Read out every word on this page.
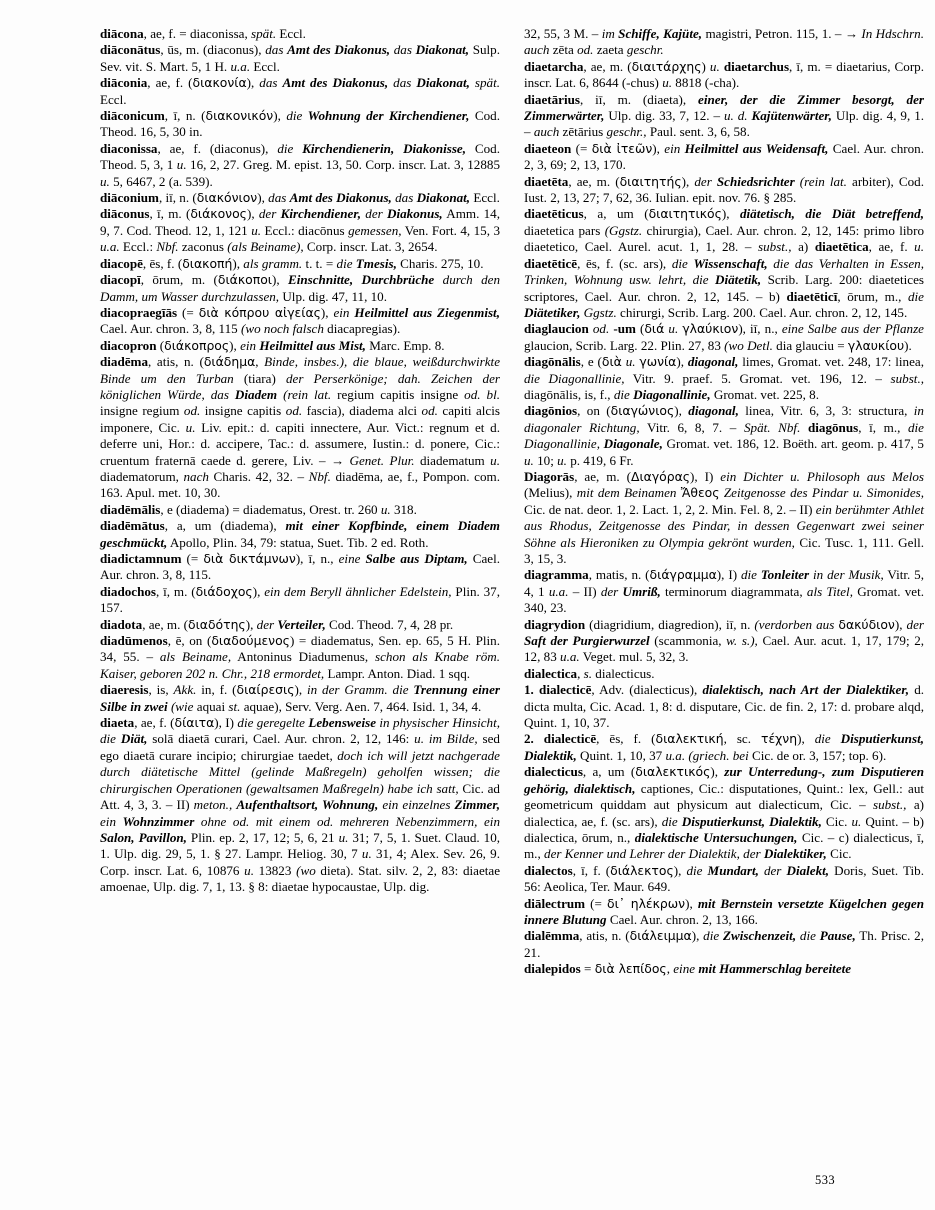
diācona, ae, f. = diaconissa, spät. Eccl.

diāconātus, ūs, m. (diaconus), das Amt des Diakonus, das Diakonat, Sulp. Sev. vit. S. Mart. 5, 1 H. u.a. Eccl.

diāconia, ae, f. (διακονία), das Amt des Diakonus, das Diakonat, spät. Eccl.

diāconicum, ī, n. (διακονικόν), die Wohnung der Kirchendiener, Cod. Theod. 16, 5, 30 in.

diaconissa, ae, f. (diaconus), die Kirchendienerin, Diakonisse, Cod. Theod. 5, 3, 1 u. 16, 2, 27. Greg. M. epist. 13, 50. Corp. inscr. Lat. 3, 12885 u. 5, 6467, 2 (a. 539).

diāconium, iī, n. (διακόνιον), das Amt des Diakonus, das Diakonat, Eccl.

diāconus, ī, m. (διάκονος), der Kirchendiener, der Diakonus, Amm. 14, 9, 7. Cod. Theod. 12, 1, 121 u. Eccl.: diacōnus gemessen, Ven. Fort. 4, 15, 3 u.a. Eccl.: Nbf. zaconus (als Beiname), Corp. inscr. Lat. 3, 2654.

diacopē, ēs, f. (διακοπή), als gramm. t. t. = die Tmesis, Charis. 275, 10.

diacopī, ōrum, m. (διάκοποι), Einschnitte, Durchbrüche durch den Damm, um Wasser durchzulassen, Ulp. dig. 47, 11, 10.

diacopraegīās (= διὰ κόπρου αἰγείας), ein Heilmittel aus Ziegenmist, Cael. Aur. chron. 3, 8, 115 (wo noch falsch diacapregias).

diacopron (διάκοπρος), ein Heilmittel aus Mist, Marc. Emp. 8.

diadēma, atis, n. (διάδημα, Binde, insbes.), die blaue, weißdurchwirkte Binde um den Turban (tiara) der Perserkönige; dah. Zeichen der königlichen Würde, das Diadem (rein lat. regium capitis insigne od. bl. insigne regium od. insigne capitis od. fascia), diadema alci od. capiti alcis imponere, Cic. u. Liv. epit.: d. capiti innectere, Aur. Vict.: regnum et d. deferre uni, Hor.: d. accipere, Tac.: d. assumere, Iustin.: d. ponere, Cic.: cruentum fraternā caede d. gerere, Liv. – → Genet. Plur. diadematum u. diadematorum, nach Charis. 42, 32. – Nbf. diadēma, ae, f., Pompon. com. 163. Apul. met. 10, 30.

diadēmālis, e (diadema) = diadematus, Orest. tr. 260 u. 318.

diadēmātus, a, um (diadema), mit einer Kopfbinde, einem Diadem geschmückt, Apollo, Plin. 34, 79: statua, Suet. Tib. 2 ed. Roth.

diadictamnum (= διὰ δικτάμνων), ī, n., eine Salbe aus Diptam, Cael. Aur. chron. 3, 8, 115.

diadochos, ī, m. (διάδοχος), ein dem Beryll ähnlicher Edelstein, Plin. 37, 157.

diadota, ae, m. (διαδότης), der Verteiler, Cod. Theod. 7, 4, 28 pr.

diadūmenos, ē, on (διαδούμενος) = diadematus, Sen. ep. 65, 5 H. Plin. 34, 55. – als Beiname, Antoninus Diadumenus, schon als Knabe röm. Kaiser, geboren 202 n. Chr., 218 ermordet, Lampr. Anton. Diad. 1 sqq.

diaeresis, is, Akk. in, f. (διαίρεσις), in der Gramm. die Trennung einer Silbe in zwei (wie aquai st. aquae), Serv. Verg. Aen. 7, 464. Isid. 1, 34, 4.

diaeta, ae, f. (δίαιτα), I) die geregelte Lebensweise in physischer Hinsicht, die Diät, solā diaetā curari, Cael. Aur. chron. 2, 12, 146: u. im Bilde, sed ego diaetā curare incipio; chirurgiae taedet, doch ich will jetzt nachgerade durch diätetische Mittel (gelinde Maßregeln) geholfen wissen; die chirurgischen Operationen (gewaltsamen Maßregeln) habe ich satt, Cic. ad Att. 4, 3, 3. – II) meton., Aufenthaltsort, Wohnung, ein einzelnes Zimmer, ein Wohnzimmer ohne od. mit einem od. mehreren Nebenzimmern, ein Salon, Pavillon, Plin. ep. 2, 17, 12; 5, 6, 21 u. 31; 7, 5, 1. Suet. Claud. 10, 1. Ulp. dig. 29, 5, 1. § 27. Lampr. Heliog. 30, 7 u. 31, 4; Alex. Sev. 26, 9. Corp. inscr. Lat. 6, 10876 u. 13823 (wo dieta). Stat. silv. 2, 2, 83: diaetae amoenae, Ulp. dig. 7, 1, 13. § 8: diaetae hypocaustae, Ulp. dig.

32, 55, 3 M. – im Schiffe, Kajüte, magistri, Petron. 115, 1. – → In Hdschrn. auch zēta od. zaeta geschr.

diaetarcha, ae, m. (διαιτάρχης) u. diaetarchus, ī, m. = diaetarius, Corp. inscr. Lat. 6, 8644 (-chus) u. 8818 (-cha).

diaetārius, iī, m. (diaeta), einer, der die Zimmer besorgt, der Zimmerwärter, Ulp. dig. 33, 7, 12. – u. d. Kajütenwärter, Ulp. dig. 4, 9, 1. – auch zētārius geschr., Paul. sent. 3, 6, 58.

diaeteon (= διὰ ἰτεῶν), ein Heilmittel aus Weidensaft, Cael. Aur. chron. 2, 3, 69; 2, 13, 170.

diaetēta, ae, m. (διαιτητής), der Schiedsrichter (rein lat. arbiter), Cod. Iust. 2, 13, 27; 7, 62, 36. Iulian. epit. nov. 76. § 285.

diaetēticus, a, um (διαιτητικός), diätetisch, die Diät betreffend, diaetetica pars (Ggstz. chirurgia), Cael. Aur. chron. 2, 12, 145: primo libro diaetetico, Cael. Aurel. acut. 1, 1, 28. – subst., a) diaetētica, ae, f. u. diaetēticē, ēs, f. (sc. ars), die Wissenschaft, die das Verhalten in Essen, Trinken, Wohnung usw. lehrt, die Diätetik, Scrib. Larg. 200: diaetetices scriptores, Cael. Aur. chron. 2, 12, 145. – b) diaetēticī, ōrum, m., die Diätetiker, Ggstz. chirurgi, Scrib. Larg. 200. Cael. Aur. chron. 2, 12, 145.

diaglaucion od. -um (διά u. γλαύκιον), iī, n., eine Salbe aus der Pflanze glaucion, Scrib. Larg. 22. Plin. 27, 83 (wo Detl. dia glauciu = γλαυκίου).

diagōnālis, e (διὰ u. γωνία), diagonal, limes, Gromat. vet. 248, 17: linea, die Diagonallinie, Vitr. 9. praef. 5. Gromat. vet. 196, 12. – subst., diagōnālis, is, f., die Diagonallinie, Gromat. vet. 225, 8.

diagōnios, on (διαγώνιος), diagonal, linea, Vitr. 6, 3, 3: structura, in diagonaler Richtung, Vitr. 6, 8, 7. – Spät. Nbf. diagōnus, ī, m., die Diagonallinie, Diagonale, Gromat. vet. 186, 12. Boëth. art. geom. p. 417, 5 u. 10; u. p. 419, 6 Fr.

Diagorās, ae, m. (Διαγόρας), I) ein Dichter u. Philosoph aus Melos (Melius), mit dem Beinamen Ἄθεος Zeitgenosse des Pindar u. Simonides, Cic. de nat. deor. 1, 2. Lact. 1, 2, 2. Min. Fel. 8, 2. – II) ein berühmter Athlet aus Rhodus, Zeitgenosse des Pindar, in dessen Gegenwart zwei seiner Söhne als Hieroniken zu Olympia gekrönt wurden, Cic. Tusc. 1, 111. Gell. 3, 15, 3.

diagramma, matis, n. (διάγραμμα), I) die Tonleiter in der Musik, Vitr. 5, 4, 1 u.a. – II) der Umriß, terminorum diagrammata, als Titel, Gromat. vet. 340, 23.

diagrydion (diagridium, diagredion), iī, n. (verdorben aus δακύδιον), der Saft der Purgierwurzel (scammonia, w. s.), Cael. Aur. acut. 1, 17, 179; 2, 12, 83 u.a. Veget. mul. 5, 32, 3.

dialectica, s. dialecticus.

1. dialecticē, Adv. (dialecticus), dialektisch, nach Art der Dialektiker, d. dicta multa, Cic. Acad. 1, 8: d. disputare, Cic. de fin. 2, 17: d. probare alqd, Quint. 1, 10, 37.

2. dialecticē, ēs, f. (διαλεκτική, sc. τέχνη), die Disputierkunst, Dialektik, Quint. 1, 10, 37 u.a. (griech. bei Cic. de or. 3, 157; top. 6).

dialecticus, a, um (διαλεκτικός), zur Unterredung-, zum Disputieren gehörig, dialektisch, captiones, Cic.: disputationes, Quint.: lex, Gell.: aut geometricum quiddam aut physicum aut dialecticum, Cic. – subst., a) dialectica, ae, f. (sc. ars), die Disputierkunst, Dialektik, Cic. u. Quint. – b) dialectica, ōrum, n., dialektische Untersuchungen, Cic. – c) dialecticus, ī, m., der Kenner und Lehrer der Dialektik, der Dialektiker, Cic.

dialectos, ī, f. (διάλεκτος), die Mundart, der Dialekt, Doris, Suet. Tib. 56: Aeolica, Ter. Maur. 649.

diālectrum (= δι᾽ ηλέκρων), mit Bernstein versetzte Kügelchen gegen innere Blutung Cael. Aur. chron. 2, 13, 166.

dialēmma, atis, n. (διάλειμμα), die Zwischenzeit, die Pause, Th. Prisc. 2, 21.

dialepidos = διὰ λεπίδος, eine mit Hammerschlag bereitete

533
